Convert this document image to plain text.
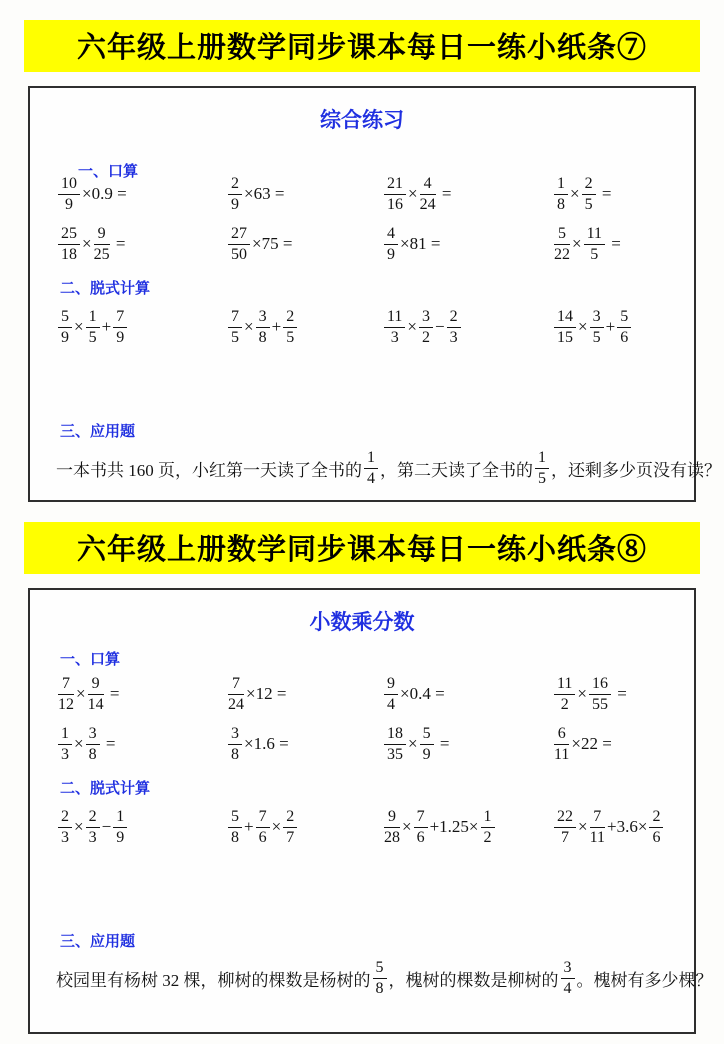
六年级上册数学同步课本每日一练小纸条⑦
综合练习
一、口算
$\frac{10}{9} \times 0.9$ =	$\frac{2}{9} \times 63$ =	$\frac{21}{16} \times \frac{4}{24}$ =	$\frac{1}{8} \times \frac{2}{5}$ =
$\frac{25}{18} \times \frac{9}{25}$ =	$\frac{27}{50} \times 75$ =	$\frac{4}{9} \times 81$ =	$\frac{5}{22} \times \frac{11}{5}$ =
二、脱式计算
$\frac{5}{9} \times \frac{1}{5} + \frac{7}{9}$	$\frac{7}{5} \times \frac{3}{8} + \frac{2}{5}$	$\frac{11}{3} \times \frac{3}{2} - \frac{2}{3}$	$\frac{14}{15} \times \frac{3}{5} + \frac{5}{6}$
三、应用题
一本书共 160 页，小红第一天读了全书的 $\frac{1}{4}$ ，第二天读了全书的 $\frac{1}{5}$ ，还剩多少页没有读？
六年级上册数学同步课本每日一练小纸条⑧
小数乘分数
一、口算
$\frac{7}{12} \times \frac{9}{14}$ =	$\frac{7}{24} \times 12$ =	$\frac{9}{4} \times 0.4$ =	$\frac{11}{2} \times \frac{16}{55}$ =
$\frac{1}{3} \times \frac{3}{8}$ =	$\frac{3}{8} \times 1.6$ =	$\frac{18}{35} \times \frac{5}{9}$ =	$\frac{6}{11} \times 22$ =
二、脱式计算
$\frac{2}{3} \times \frac{2}{3} - \frac{1}{9}$	$\frac{5}{8} + \frac{7}{6} \times \frac{2}{7}$	$\frac{9}{28} \times \frac{7}{6} +1.25\times \frac{1}{2}$	$\frac{22}{7} \times \frac{7}{11} +3.6\times \frac{2}{6}$
三、应用题
校园里有杨树 32 棵，柳树的棵数是杨树的 $\frac{5}{8}$ ，槐树的棵数是柳树的 $\frac{3}{4}$ 。槐树有多少棵？
